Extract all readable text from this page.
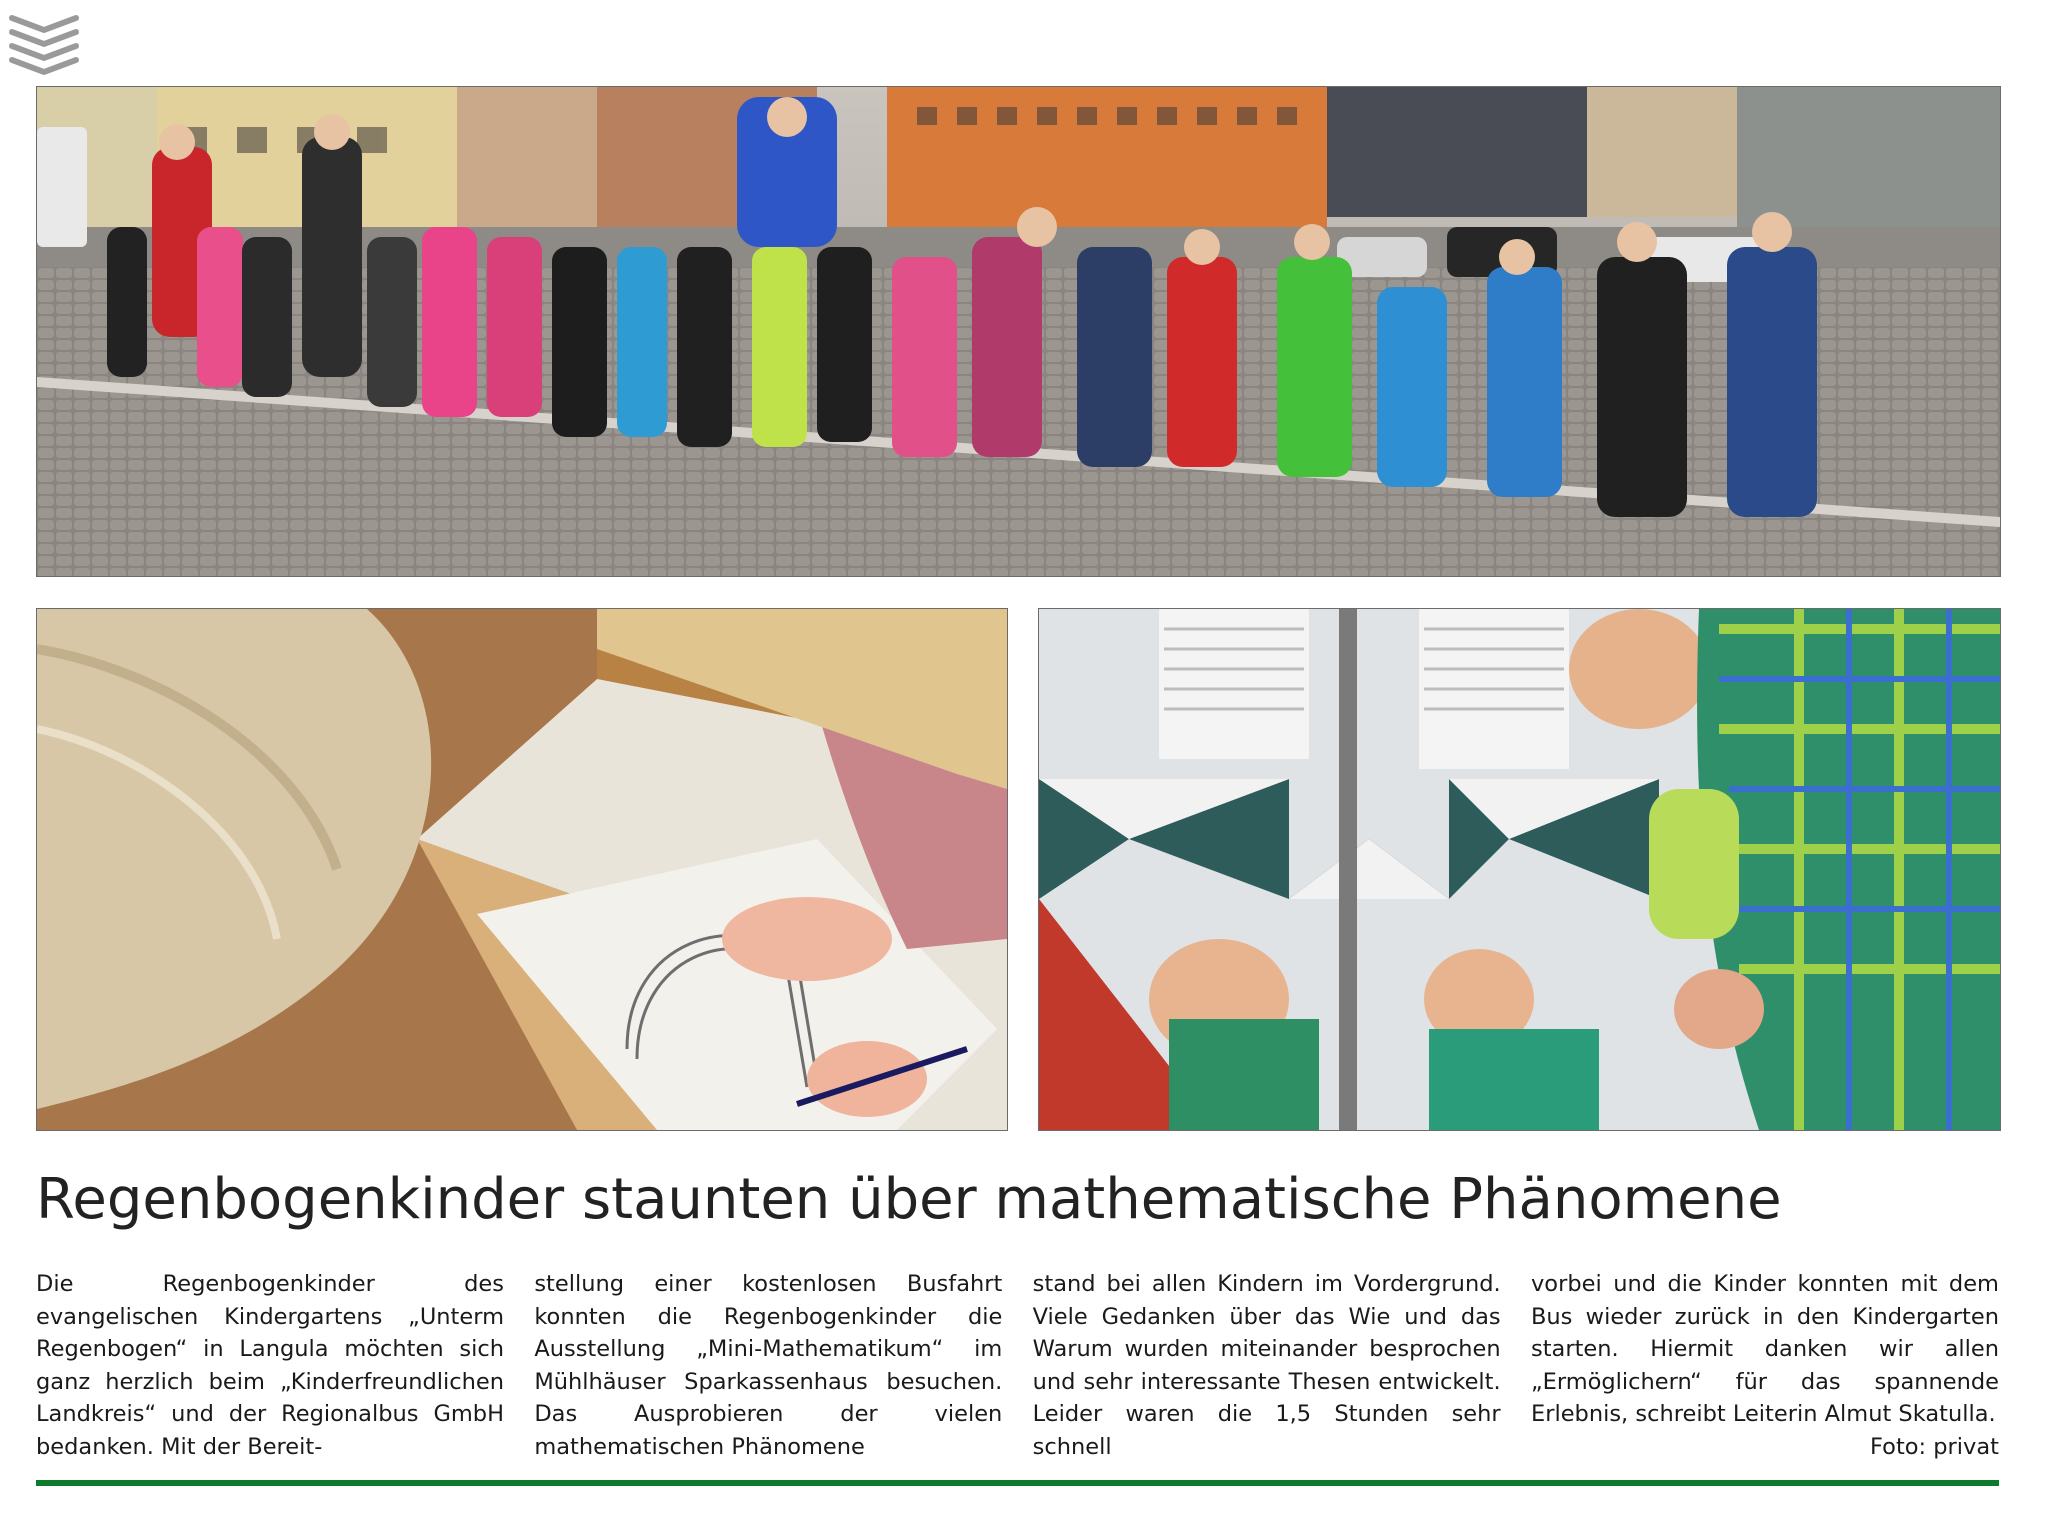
Regenbogenkinder staunten über mathematische Phänomene

Die Regenbogenkinder des evangelischen Kindergartens „Unterm Regenbogen“ in Langula möchten sich ganz herzlich beim „Kinderfreundlichen Landkreis“ und der Regionalbus GmbH bedanken. Mit der Bereit-

stellung einer kostenlosen Busfahrt konnten die Regenbogenkinder die Ausstellung „Mini-Mathematikum“ im Mühlhäuser Sparkassenhaus besuchen. Das Ausprobieren der vielen mathematischen Phänomene

stand bei allen Kindern im Vordergrund. Viele Gedanken über das Wie und das Warum wurden miteinander besprochen und sehr interessante Thesen entwickelt. Leider waren die 1,5 Stunden sehr schnell

vorbei und die Kinder konnten mit dem Bus wieder zurück in den Kindergarten starten. Hiermit danken wir allen „Ermöglichern“ für das spannende Erlebnis, schreibt Leiterin Almut Skatulla.
Foto: privat
